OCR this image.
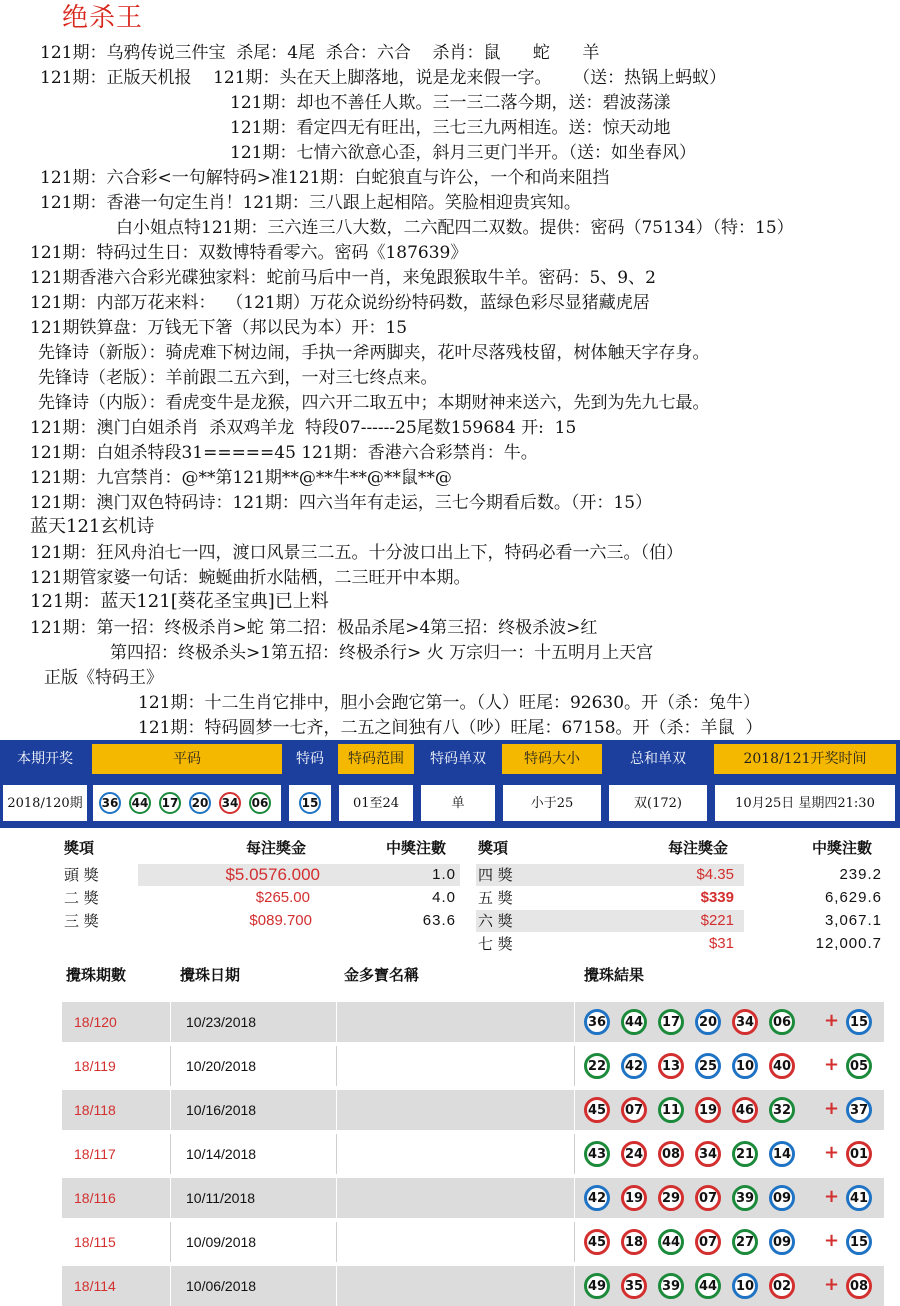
绝杀王
121期：乌鸦传说三件宝  杀尾：4尾  杀合：六合    杀肖：鼠      蛇      羊
121期：正版天机报    121期：头在天上脚落地，说是龙来假一字。    （送：热锅上蚂蚁）
121期：却也不善任人欺。三一三二落今期，送：碧波荡漾
121期：看定四无有旺出，三七三九两相连。送：惊天动地
121期：七情六欲意心歪，斜月三更门半开。（送：如坐春风）
121期：六合彩<一句解特码>准121期：白蛇狼直与许公，一个和尚来阻挡
121期：香港一句定生肖！121期：三八跟上起相陪。笑脸相迎贵宾知。
白小姐点特121期：三六连三八大数，二六配四二双数。提供：密码（75134）（特：15）
121期：特码过生日：双数博特看零六。密码《187639》
121期香港六合彩光碟独家料：蛇前马后中一肖，来兔跟猴取牛羊。密码：5、9、2
121期：内部万花来料：  （121期）万花众说纷纷特码数，蓝绿色彩尽显猪藏虎居
121期铁算盘：万钱无下箸（邦以民为本）开：15
先锋诗（新版）：骑虎难下树边闹，手执一斧两脚夹，花叶尽落残枝留，树体触天字存身。
先锋诗（老版）：羊前跟二五六到，一对三七终点来。
先锋诗（内版）：看虎变牛是龙猴，四六开二取五中；本期财神来送六，先到为先九七最。
121期：澳门白姐杀肖  杀双鸡羊龙  特段07------25尾数159684 开:  15
121期：白姐杀特段31=====45 121期：香港六合彩禁肖：牛。
121期：九宫禁肖：@**第121期**@**牛**@**鼠**@
121期：澳门双色特码诗：121期：四六当年有走运，三七今期看后数。（开：15）
蓝天121玄机诗
121期：狂风舟泊七一四，渡口风景三二五。十分波口出上下，特码必看一六三。（伯）
121期管家婆一句话：蜿蜒曲折水陆栖，二三旺开中本期。
121期：蓝天121[葵花圣宝典]已上料
121期：第一招：终极杀肖>蛇 第二招：极品杀尾>4第三招：终极杀波>红
第四招：终极杀头>1第五招：终极杀行> 火 万宗归一：十五明月上天宫
正版《特码王》
121期：十二生肖它排中，胆小会跑它第一。（人）旺尾：92630。开（杀：兔牛）
121期：特码圆梦一七齐，二五之间独有八（吵）旺尾：67158。开（杀：羊鼠  ）
本期开奖	平码	特码	特码范围	特码单双	特码大小	总和单双	2018/121开奖时间
2018/120期	36 44 17 20 34 06	15	01至24	单	小于25	双(172)	10月25日 星期四21:30
獎項	每注獎金	中獎注數 獎項	每注獎金	中獎注數
頭 獎	$5.0576.000	1.0
二 獎	$265.00	4.0
三 獎	$089.700	63.6
四 獎	$4.35	239.2
五 獎	$339	6,629.6
六 獎	$221	3,067.1
七 獎	$31	12,000.7
攪珠期數	攪珠日期	金多寶名稱	攪珠結果
18/120	10/23/2018	36	44	17	20	34	06 + 15
18/119	10/20/2018	22	42	13	25	10	40 + 05
18/118	10/16/2018	45	07	11	19	46	32 + 37
18/117	10/14/2018	43	24	08	34	21	14 + 01
18/116	10/11/2018	42	19	29	07	39	09 + 41
18/115	10/09/2018	45	18	44	07	27	09 + 15
18/114	10/06/2018	49	35	39	44	10	02 + 08
